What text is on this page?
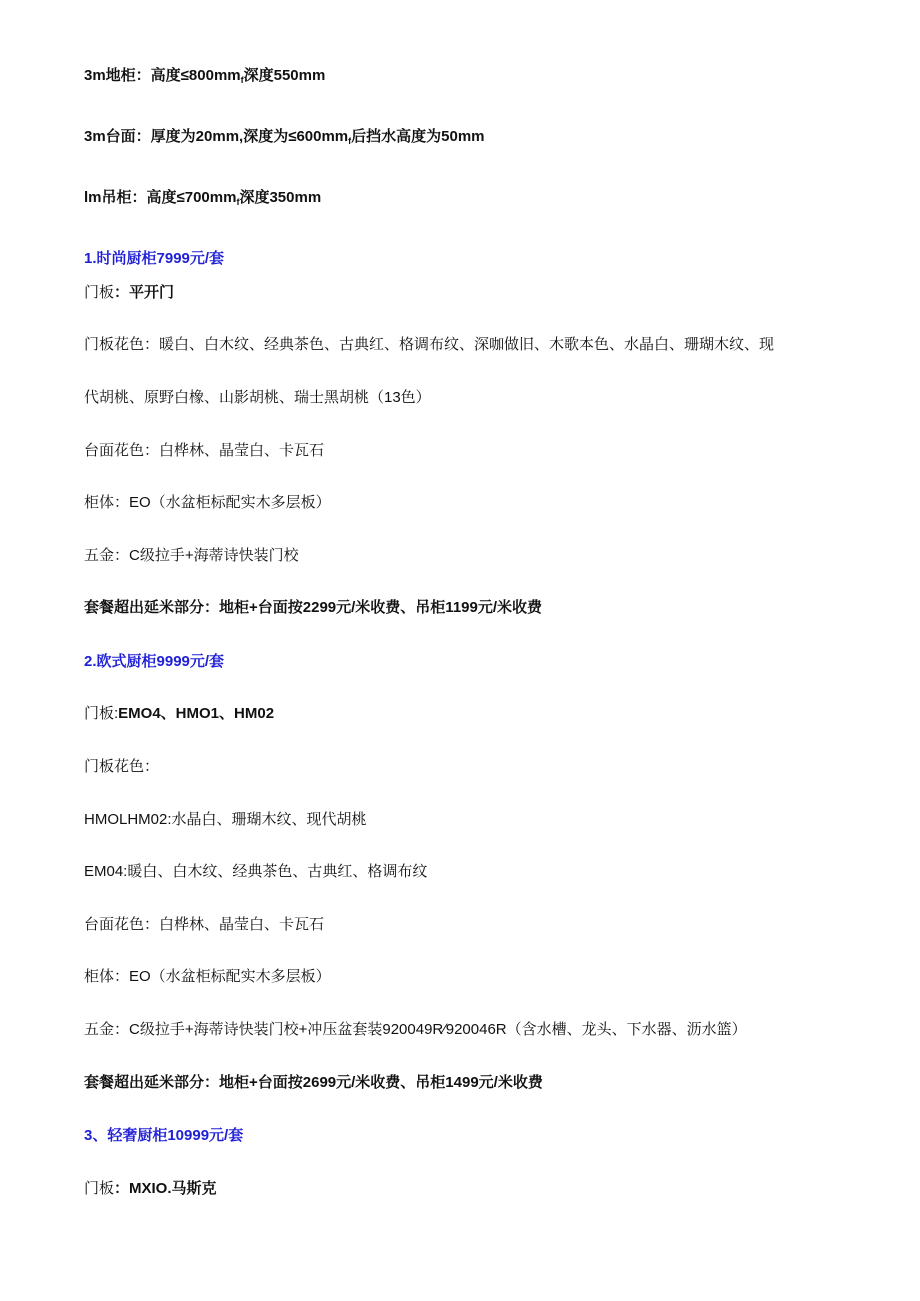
3m地柜：高度$\le 800mm_f$深度550mm
3m台面：厚度为20mm,深度为$\le 600mm_f$后挡水高度为50mm
lm吊柜：高度$\le 700mm_f$深度350mm
1.时尚厨柜7999元/套
门板：平开门
门板花色：暖白、白木纹、经典茶色、古典红、格调布纹、深咖做旧、木歌本色、水晶白、珊瑚木纹、现
代胡桃、原野白橡、山影胡桃、瑞士黑胡桃（13色）
台面花色：白桦林、晶莹白、卡瓦石
柜体：EO（水盆柜标配实木多层板）
五金：C级拉手+海蒂诗快装门校
套餐超出延米部分：地柜+台面按2299元/米收费、吊柜1199元/米收费
2.欧式厨柜9999元/套
门板:EMO4、HMO1、HM02
门板花色：
HMOLHM02:水晶白、珊瑚木纹、现代胡桃
EM04:暖白、白木纹、经典茶色、古典红、格调布纹
台面花色：白桦林、晶莹白、卡瓦石
柜体：EO（水盆柜标配实木多层板）
五金：C级拉手+海蒂诗快装门校+冲压盆套装920049R∕920046R（含水槽、龙头、下水器、沥水篮）
套餐超出延米部分：地柜+台面按2699元/米收费、吊柜1499元/米收费
3、轻奢厨柜10999元/套
门板：MXIO.马斯克
